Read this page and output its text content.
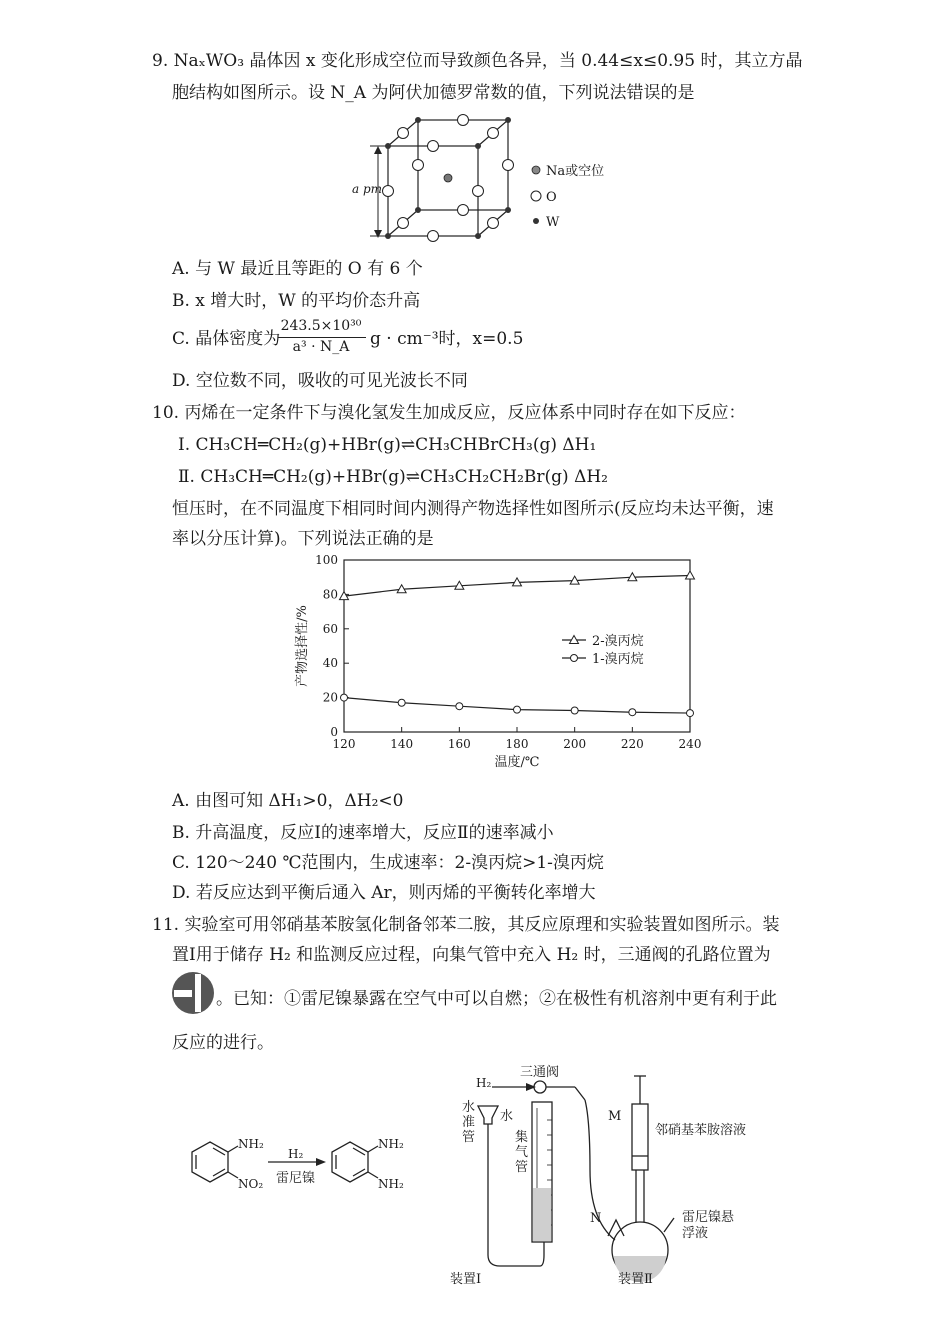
9. NaₓWO₃ 晶体因 x 变化形成空位而导致颜色各异，当 0.44≤x≤0.95 时，其立方晶
胞结构如图所示。设 N_A 为阿伏加德罗常数的值，下列说法错误的是
a pm
Na或空位
O
W
A. 与 W 最近且等距的 O 有 6 个
B. x 增大时，W 的平均价态升高
C. 晶体密度为
243.5×10³⁰
a³ · N_A	g · cm⁻³时，x=0.5
D. 空位数不同，吸收的可见光波长不同
10. 丙烯在一定条件下与溴化氢发生加成反应，反应体系中同时存在如下反应：
Ⅰ. CH₃CH═CH₂(g)+HBr(g)⇌CH₃CHBrCH₃(g) ΔH₁
Ⅱ. CH₃CH═CH₂(g)+HBr(g)⇌CH₃CH₂CH₂Br(g) ΔH₂
恒压时，在不同温度下相同时间内测得产物选择性如图所示(反应均未达平衡，速
率以分压计算)。下列说法正确的是
0
20
40
60
80
100
120	140	160	180	200	220	240
2-溴丙烷
1-溴丙烷
产物选择性/%
温度/℃
A. 由图可知 ΔH₁>0，ΔH₂<0
B. 升高温度，反应Ⅰ的速率增大，反应Ⅱ的速率减小
C. 120～240 ℃范围内，生成速率：2-溴丙烷>1-溴丙烷
D. 若反应达到平衡后通入 Ar，则丙烯的平衡转化率增大
11. 实验室可用邻硝基苯胺氢化制备邻苯二胺，其反应原理和实验装置如图所示。装
置Ⅰ用于储存 H₂ 和监测反应过程，向集气管中充入 H₂ 时，三通阀的孔路位置为
。已知：①雷尼镍暴露在空气中可以自燃；②在极性有机溶剂中更有利于此
反应的进行。
NH₂
NO₂
H₂
雷尼镍
NH₂
NH₂
H₂
三通阀
水	M
邻硝基苯胺溶液
N
装置Ⅰ	装置Ⅱ
水准管	集气管
雷尼镍悬浮液
